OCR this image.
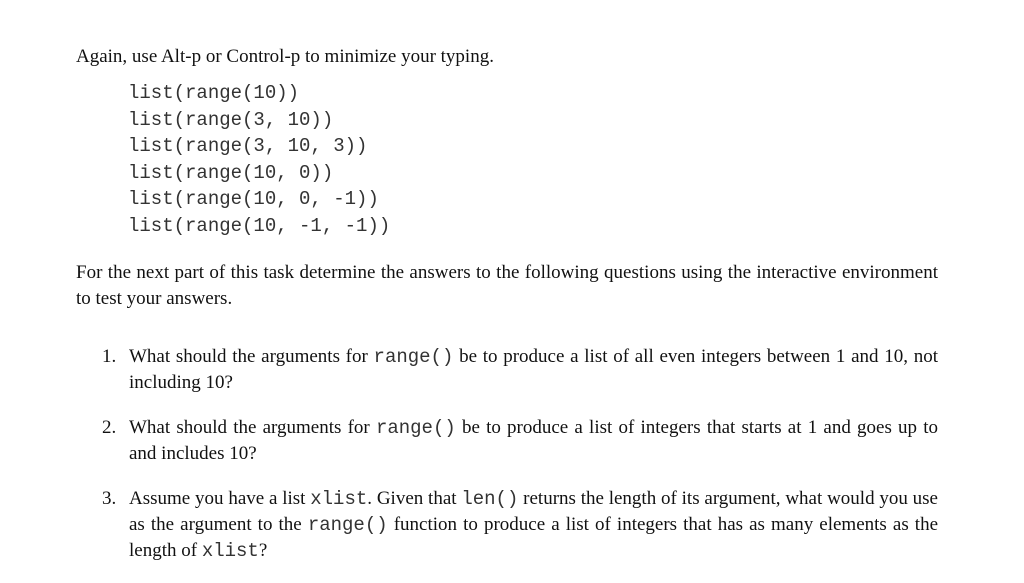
Again, use Alt-p or Control-p to minimize your typing.

list(range(10))
list(range(3, 10))
list(range(3, 10, 3))
list(range(10, 0))
list(range(10, 0, -1))
list(range(10, -1, -1))

For the next part of this task determine the answers to the following questions using the interactive environment to test your answers.

1. What should the arguments for range() be to produce a list of all even integers between 1 and 10, not including 10?
2. What should the arguments for range() be to produce a list of integers that starts at 1 and goes up to and includes 10?
3. Assume you have a list xlist. Given that len() returns the length of its argument, what would you use as the argument to the range() function to produce a list of integers that has as many elements as the length of xlist?
